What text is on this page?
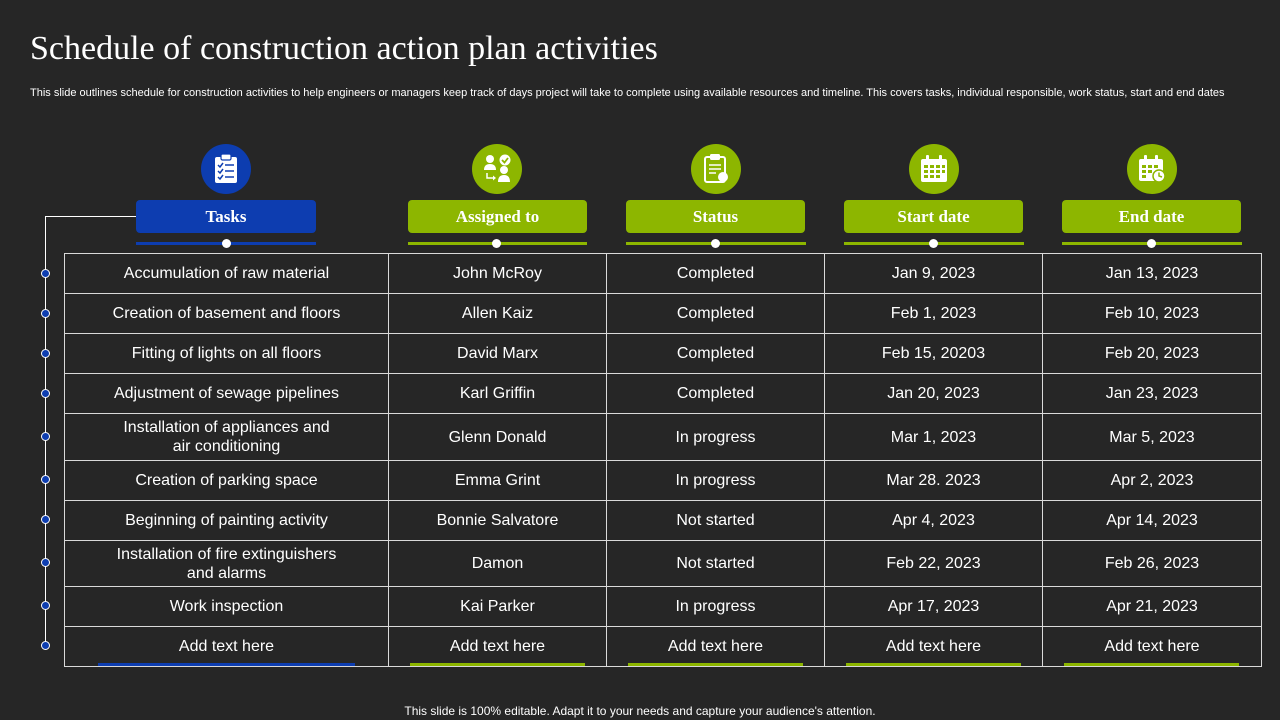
Schedule of construction action plan activities
This slide outlines schedule for construction activities to help engineers or managers keep track of days project will take to complete using available resources and timeline. This covers tasks, individual responsible, work status, start and end dates
Tasks	Assigned to	Status	Start date	End date
Accumulation of raw material	John McRoy	Completed	Jan 9, 2023	Jan 13, 2023
Creation of basement and floors	Allen Kaiz	Completed	Feb 1, 2023	Feb 10, 2023
Fitting of lights on all floors	David Marx	Completed	Feb 15, 20203	Feb 20, 2023
Adjustment of sewage pipelines	Karl Griffin	Completed	Jan 20, 2023	Jan 23, 2023
Installation of appliances and
air conditioning	Glenn Donald	In progress	Mar 1, 2023	Mar 5, 2023
Creation of parking space	Emma Grint	In progress	Mar 28. 2023	Apr 2, 2023
Beginning of painting activity	Bonnie Salvatore	Not started	Apr 4, 2023	Apr 14, 2023
Installation of fire extinguishers
and alarms	Damon	Not started	Feb 22, 2023	Feb 26, 2023
Work inspection	Kai Parker	In progress	Apr 17, 2023	Apr 21, 2023
Add text here	Add text here	Add text here	Add text here	Add text here
This slide is 100% editable. Adapt it to your needs and capture your audience's attention.
